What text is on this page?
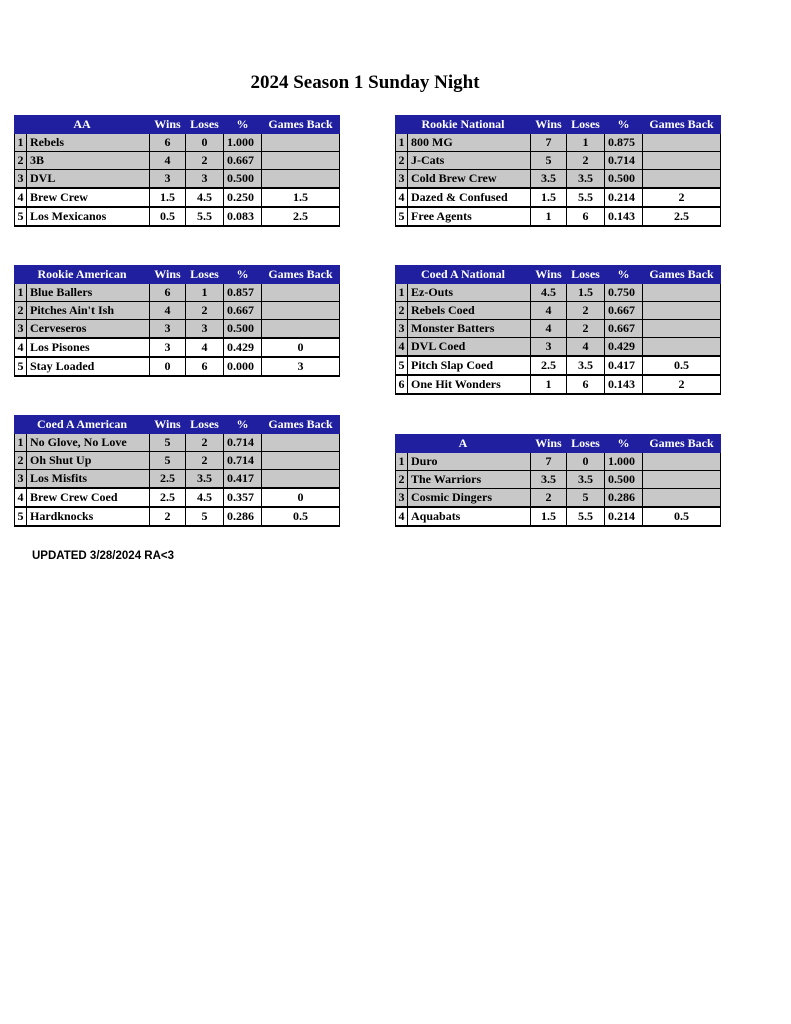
2024 Season 1 Sunday Night
AA		Wins	Loses	%	Games Back
1	Rebels	6	0	1.000	
2	3B	4	2	0.667	
3	DVL	3	3	0.500	
4	Brew Crew	1.5	4.5	0.250	1.5
5	Los Mexicanos	0.5	5.5	0.083	2.5
Rookie National		Wins	Loses	%	Games Back
1	800 MG	7	1	0.875	
2	J-Cats	5	2	0.714	
3	Cold Brew Crew	3.5	3.5	0.500	
4	Dazed & Confused	1.5	5.5	0.214	2
5	Free Agents	1	6	0.143	2.5
Rookie American		Wins	Loses	%	Games Back
1	Blue Ballers	6	1	0.857	
2	Pitches Ain't Ish	4	2	0.667	
3	Cerveseros	3	3	0.500	
4	Los Pisones	3	4	0.429	0
5	Stay Loaded	0	6	0.000	3
Coed A National		Wins	Loses	%	Games Back
1	Ez-Outs	4.5	1.5	0.750	
2	Rebels Coed	4	2	0.667	
3	Monster Batters	4	2	0.667	
4	DVL Coed	3	4	0.429	
5	Pitch Slap Coed	2.5	3.5	0.417	0.5
6	One Hit Wonders	1	6	0.143	2
Coed A American		Wins	Loses	%	Games Back
1	No Glove, No Love	5	2	0.714	
2	Oh Shut Up	5	2	0.714	
3	Los Misfits	2.5	3.5	0.417	
4	Brew Crew Coed	2.5	4.5	0.357	0
5	Hardknocks	2	5	0.286	0.5
A		Wins	Loses	%	Games Back
1	Duro	7	0	1.000	
2	The Warriors	3.5	3.5	0.500	
3	Cosmic Dingers	2	5	0.286	
4	Aquabats	1.5	5.5	0.214	0.5
UPDATED 3/28/2024 RA<3
